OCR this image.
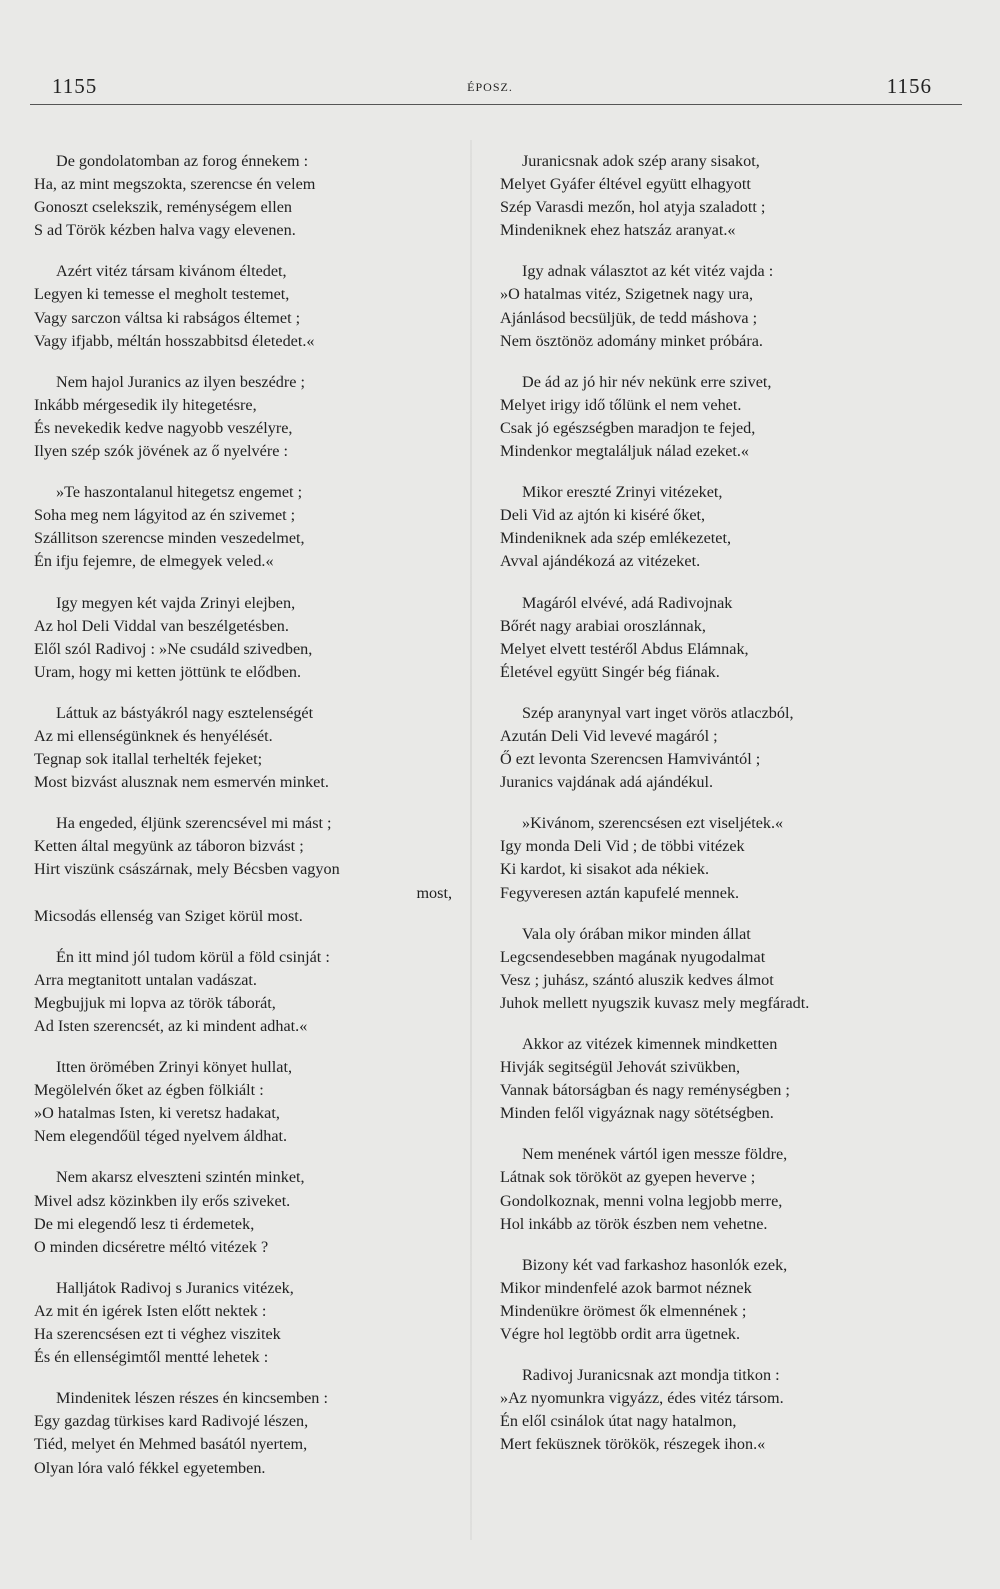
1155	ÉPOSZ.	1156
De gondolatomban az forog énnekem :
Ha, az mint megszokta, szerencse én velem
Gonoszt cselekszik, reménységem ellen
S ad Török kézben halva vagy elevenen.
Azért vitéz társam kivánom éltedet,
Legyen ki temesse el megholt testemet,
Vagy sarczon váltsa ki rabságos éltemet ;
Vagy ifjabb, méltán hosszabbitsd életedet.«
Nem hajol Juranics az ilyen beszédre ;
Inkább mérgesedik ily hitegetésre,
És nevekedik kedve nagyobb veszélyre,
Ilyen szép szók jövének az ő nyelvére :
»Te haszontalanul hitegetsz engemet ;
Soha meg nem lágyitod az én szivemet ;
Szállitson szerencse minden veszedelmet,
Én ifju fejemre, de elmegyek veled.«
Igy megyen két vajda Zrinyi elejben,
Az hol Deli Viddal van beszélgetésben.
Elől szól Radivoj : »Ne csudáld szivedben,
Uram, hogy mi ketten jöttünk te elődben.
Láttuk az bástyákról nagy esztelenségét
Az mi ellenségünknek és henyélését.
Tegnap sok itallal terhelték fejeket;
Most bizvást alusznak nem esmervén minket.
Ha engeded, éljünk szerencsével mi mást ;
Ketten által megyünk az táboron bizvást ;
Hirt viszünk császárnak, mely Bécsben vagyon
most,
Micsodás ellenség van Sziget körül most.
Én itt mind jól tudom körül a föld csinját :
Arra megtanitott untalan vadászat.
Megbujjuk mi lopva az török táborát,
Ad Isten szerencsét, az ki mindent adhat.«
Itten örömében Zrinyi könyet hullat,
Megölelvén őket az égben fölkiált :
»O hatalmas Isten, ki veretsz hadakat,
Nem elegendőül téged nyelvem áldhat.
Nem akarsz elveszteni szintén minket,
Mivel adsz közinkben ily erős sziveket.
De mi elegendő lesz ti érdemetek,
O minden dicséretre méltó vitézek ?
Halljátok Radivoj s Juranics vitézek,
Az mit én igérek Isten előtt nektek :
Ha szerencsésen ezt ti véghez viszitek
És én ellenségimtől mentté lehetek :
Mindenitek lészen részes én kincsemben :
Egy gazdag türkises kard Radivojé lészen,
Tiéd, melyet én Mehmed basától nyertem,
Olyan lóra való fékkel egyetemben.
Juranicsnak adok szép arany sisakot,
Melyet Gyáfer éltével együtt elhagyott
Szép Varasdi mezőn, hol atyja szaladott ;
Mindeniknek ehez hatszáz aranyat.«
Igy adnak választot az két vitéz vajda :
»O hatalmas vitéz, Szigetnek nagy ura,
Ajánlásod becsüljük, de tedd máshova ;
Nem ösztönöz adomány minket próbára.
De ád az jó hir név nekünk erre szivet,
Melyet irigy idő tőlünk el nem vehet.
Csak jó egészségben maradjon te fejed,
Mindenkor megtaláljuk nálad ezeket.«
Mikor ereszté Zrinyi vitézeket,
Deli Vid az ajtón ki kiséré őket,
Mindeniknek ada szép emlékezetet,
Avval ajándékozá az vitézeket.
Magáról elvévé, adá Radivojnak
Bőrét nagy arabiai oroszlánnak,
Melyet elvett testéről Abdus Elámnak,
Életével együtt Singér bég fiának.
Szép aranynyal vart inget vörös atlaczból,
Azután Deli Vid levevé magáról ;
Ő ezt levonta Szerencsen Hamvivántól ;
Juranics vajdának adá ajándékul.
»Kivánom, szerencsésen ezt viseljétek.«
Igy monda Deli Vid ; de többi vitézek
Ki kardot, ki sisakot ada nékiek.
Fegyveresen aztán kapufelé mennek.
Vala oly órában mikor minden állat
Legcsendesebben magának nyugodalmat
Vesz ; juhász, szántó aluszik kedves álmot
Juhok mellett nyugszik kuvasz mely megfáradt.
Akkor az vitézek kimennek mindketten
Hivják segitségül Jehovát szivükben,
Vannak bátorságban és nagy reménységben ;
Minden felől vigyáznak nagy sötétségben.
Nem menének vártól igen messze földre,
Látnak sok törököt az gyepen heverve ;
Gondolkoznak, menni volna legjobb merre,
Hol inkább az török észben nem vehetne.
Bizony két vad farkashoz hasonlók ezek,
Mikor mindenfelé azok barmot néznek
Mindenükre örömest ők elmennének ;
Végre hol legtöbb ordit arra ügetnek.
Radivoj Juranicsnak azt mondja titkon :
»Az nyomunkra vigyázz, édes vitéz társom.
Én elől csinálok útat nagy hatalmon,
Mert feküsznek törökök, részegek ihon.«
